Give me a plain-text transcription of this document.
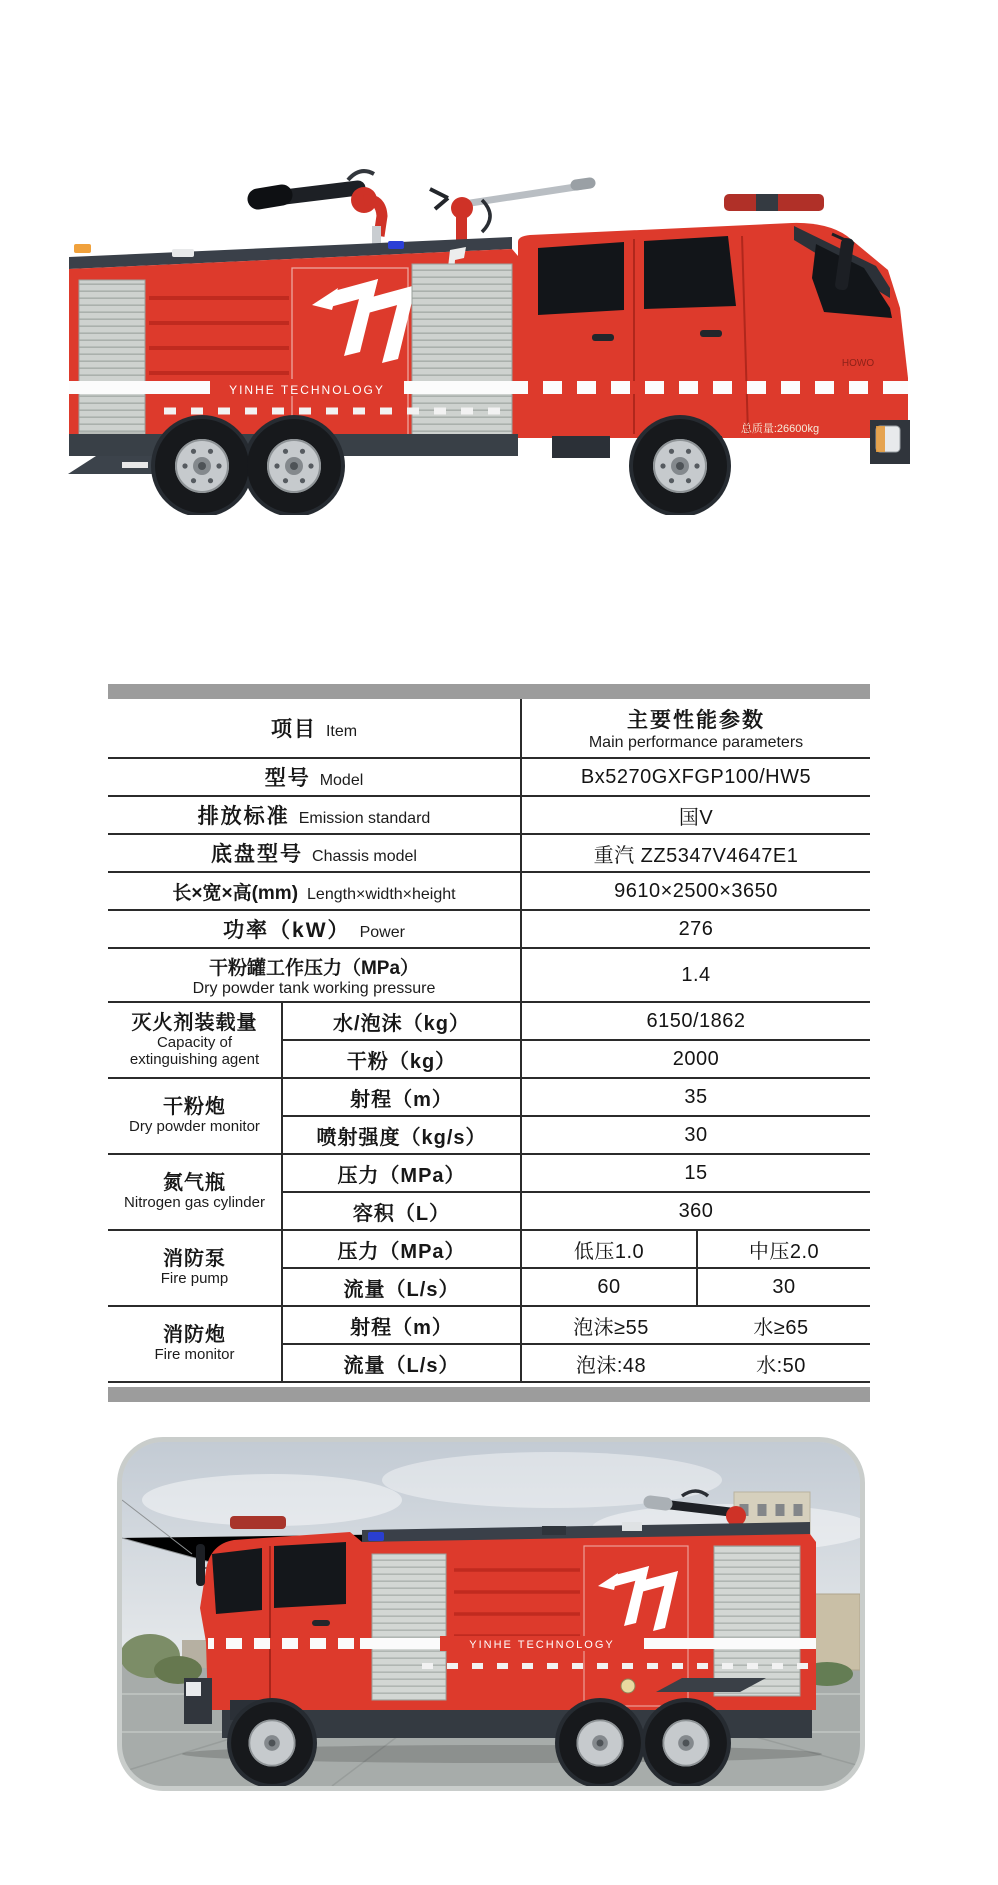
YINHE TECHNOLOGY
总质量:26600kg
HOWO
项目 Item		主要性能参数
Main performance parameters	

型号 Model		Bx5270GXFGP100/HW5	
排放标准 Emission standard		国V	
底盘型号 Chassis model		重汽 ZZ5347V4647E1	
长×宽×高(mm) Length×width×height		9610×2500×3650	
功率（kW） Power		276	

干粉罐工作压力（MPa）
Dry powder tank working pressure		1.4	

灭火剂装载量
Capacity of extinguishing agent	水/泡沫（kg）	6150/1862	
	干粉（kg）	2000	

干粉炮
Dry powder monitor	射程（m）	35	
	喷射强度（kg/s）	30	

氮气瓶
Nitrogen gas cylinder	压力（MPa）	15	
	容积（L）	360	

消防泵
Fire pump	压力（MPa）	低压1.0	中压2.0
	流量（L/s）	60	30

消防炮
Fire monitor	射程（m）	泡沫≥55 水≥65	

	流量（L/s）	泡沫:48 水:50	
YINHE TECHNOLOGY
